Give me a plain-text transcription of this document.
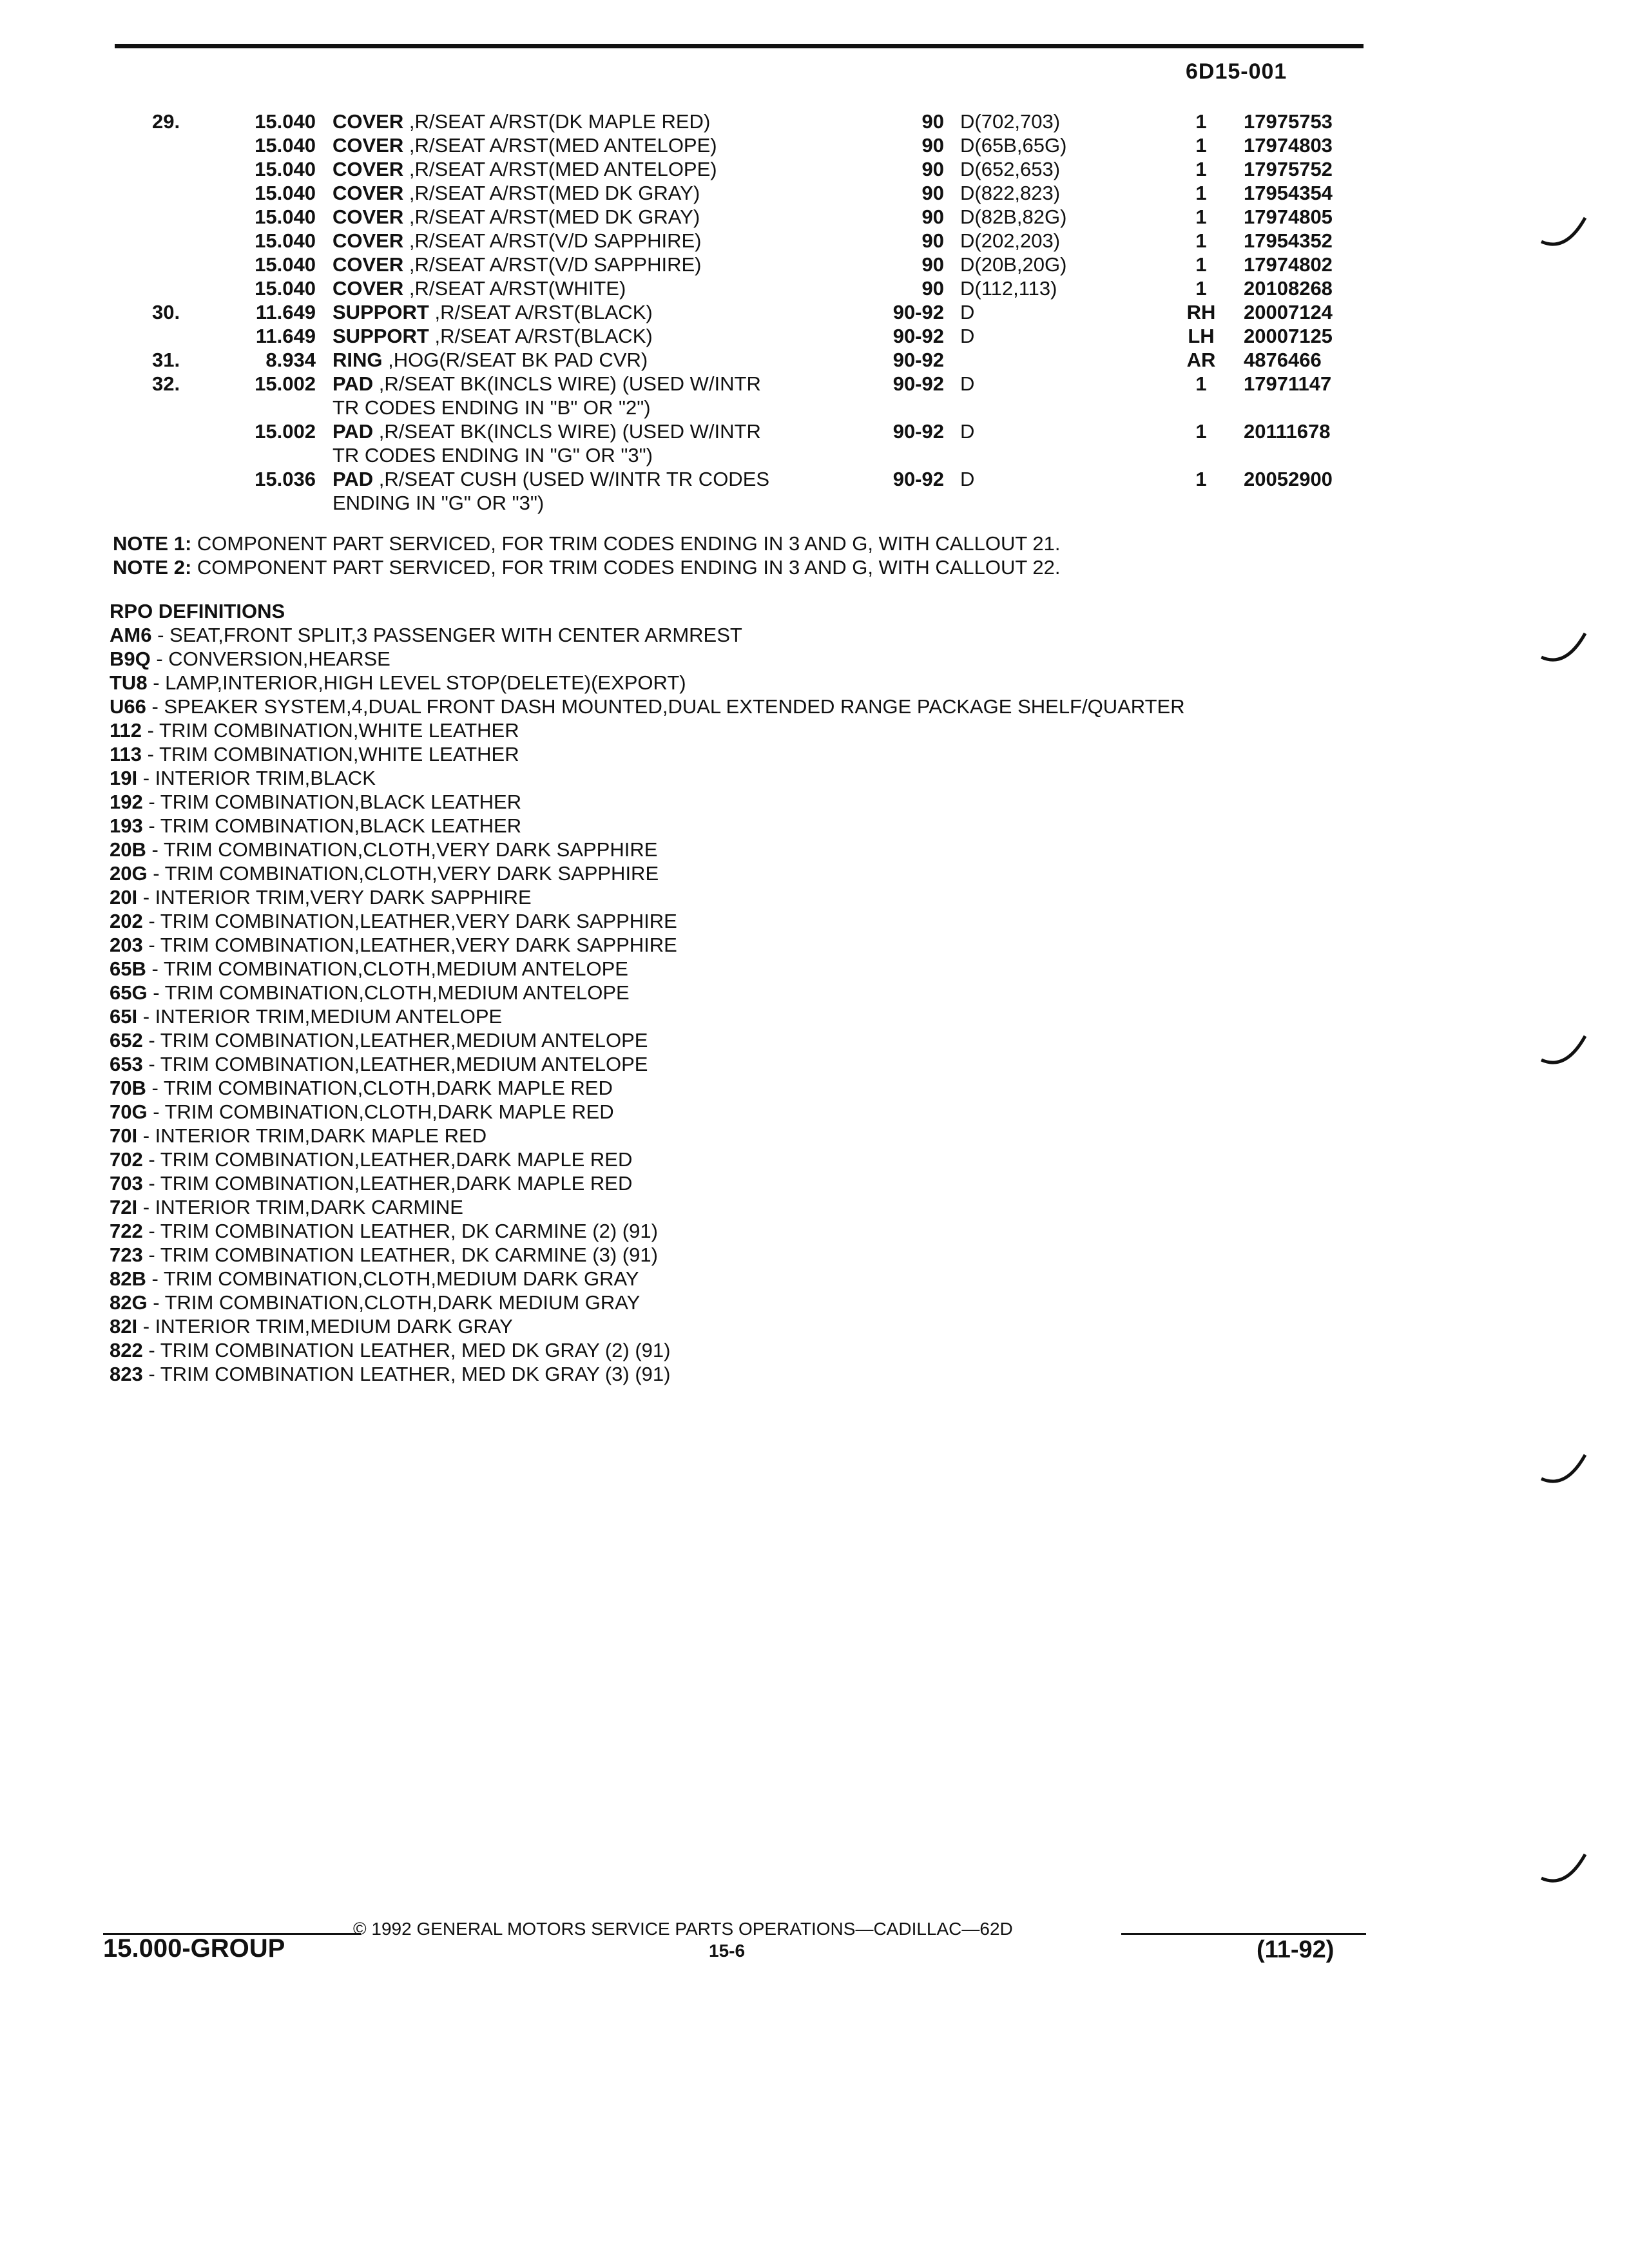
6D15-001
29.	15.040 COVER ,R/SEAT A/RST(DK MAPLE RED)	90 D(702,703)	1	17975753
15.040 COVER ,R/SEAT A/RST(MED ANTELOPE)	90 D(65B,65G)	1	17974803
15.040 COVER ,R/SEAT A/RST(MED ANTELOPE)	90 D(652,653)	1	17975752
15.040 COVER ,R/SEAT A/RST(MED DK GRAY)	90 D(822,823)	1	17954354
15.040 COVER ,R/SEAT A/RST(MED DK GRAY)	90 D(82B,82G)	1	17974805
15.040 COVER ,R/SEAT A/RST(V/D SAPPHIRE)	90 D(202,203)	1	17954352
15.040 COVER ,R/SEAT A/RST(V/D SAPPHIRE)	90 D(20B,20G)	1	17974802
15.040 COVER ,R/SEAT A/RST(WHITE)	90 D(112,113)	1	20108268
30.	11.649 SUPPORT ,R/SEAT A/RST(BLACK)	90-92 D	RH 20007124
11.649 SUPPORT ,R/SEAT A/RST(BLACK)	90-92 D	LH	20007125
31.	8.934 RING ,HOG(R/SEAT BK PAD CVR)	90-92	AR 4876466
32.	15.002 PAD ,R/SEAT BK(INCLS WIRE) (USED W/INTR
TR CODES ENDING IN "B" OR "2")
90-92 D	1	17971147
15.002 PAD ,R/SEAT BK(INCLS WIRE) (USED W/INTR
TR CODES ENDING IN "G" OR "3")
90-92 D	1	20111678
15.036 PAD ,R/SEAT CUSH (USED W/INTR TR CODES
ENDING IN "G" OR "3")
90-92 D	1	20052900
NOTE 1: COMPONENT PART SERVICED, FOR TRIM CODES ENDING IN 3 AND G, WITH CALLOUT 21.
NOTE 2: COMPONENT PART SERVICED, FOR TRIM CODES ENDING IN 3 AND G, WITH CALLOUT 22.
RPO DEFINITIONS
AM6 - SEAT,FRONT SPLIT,3 PASSENGER WITH CENTER ARMREST
B9Q - CONVERSION,HEARSE
TU8 - LAMP,INTERIOR,HIGH LEVEL STOP(DELETE)(EXPORT)
U66 - SPEAKER SYSTEM,4,DUAL FRONT DASH MOUNTED,DUAL EXTENDED RANGE PACKAGE SHELF/QUARTER
112 - TRIM COMBINATION,WHITE LEATHER
113 - TRIM COMBINATION,WHITE LEATHER
19I - INTERIOR TRIM,BLACK
192 - TRIM COMBINATION,BLACK LEATHER
193 - TRIM COMBINATION,BLACK LEATHER
20B - TRIM COMBINATION,CLOTH,VERY DARK SAPPHIRE
20G - TRIM COMBINATION,CLOTH,VERY DARK SAPPHIRE
20I - INTERIOR TRIM,VERY DARK SAPPHIRE
202 - TRIM COMBINATION,LEATHER,VERY DARK SAPPHIRE
203 - TRIM COMBINATION,LEATHER,VERY DARK SAPPHIRE
65B - TRIM COMBINATION,CLOTH,MEDIUM ANTELOPE
65G - TRIM COMBINATION,CLOTH,MEDIUM ANTELOPE
65I - INTERIOR TRIM,MEDIUM ANTELOPE
652 - TRIM COMBINATION,LEATHER,MEDIUM ANTELOPE
653 - TRIM COMBINATION,LEATHER,MEDIUM ANTELOPE
70B - TRIM COMBINATION,CLOTH,DARK MAPLE RED
70G - TRIM COMBINATION,CLOTH,DARK MAPLE RED
70I - INTERIOR TRIM,DARK MAPLE RED
702 - TRIM COMBINATION,LEATHER,DARK MAPLE RED
703 - TRIM COMBINATION,LEATHER,DARK MAPLE RED
72I - INTERIOR TRIM,DARK CARMINE
722 - TRIM COMBINATION LEATHER, DK CARMINE (2) (91)
723 - TRIM COMBINATION LEATHER, DK CARMINE (3) (91)
82B - TRIM COMBINATION,CLOTH,MEDIUM DARK GRAY
82G - TRIM COMBINATION,CLOTH,DARK MEDIUM GRAY
82I - INTERIOR TRIM,MEDIUM DARK GRAY
822 - TRIM COMBINATION LEATHER, MED DK GRAY (2) (91)
823 - TRIM COMBINATION LEATHER, MED DK GRAY (3) (91)
© 1992 GENERAL MOTORS SERVICE PARTS OPERATIONS—CADILLAC—62D
15.000-GROUP	15-6	(11-92)
